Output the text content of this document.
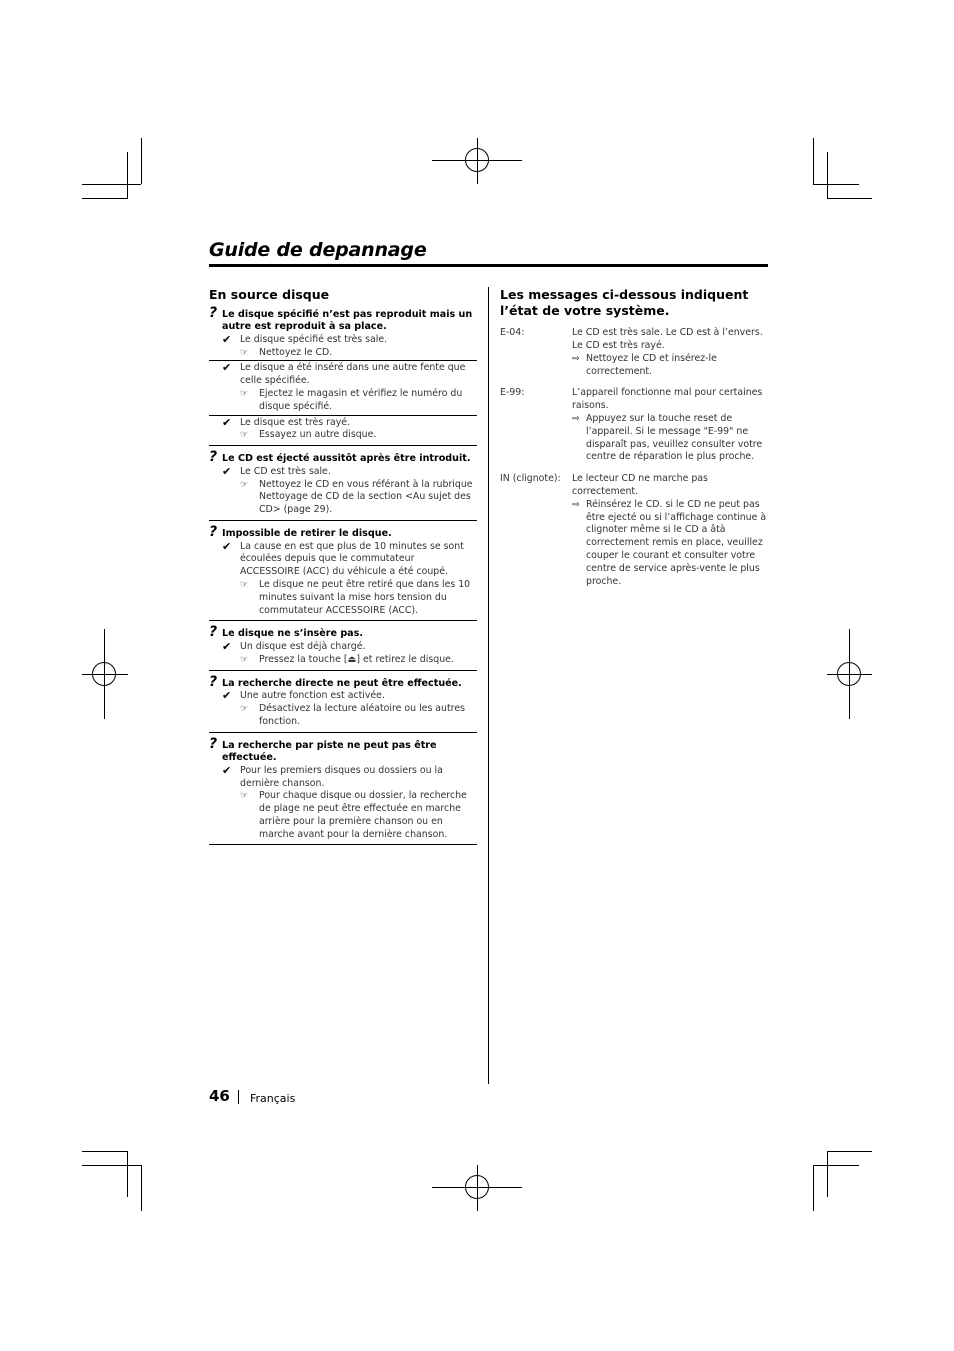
Guide de depannage
En source disque
? Le disque spécifié n’est pas reproduit mais un autre est reproduit à sa place.
✔ Le disque spécifié est très sale.
☞	Nettoyez le CD.
✔ Le disque a été inséré dans une autre fente que celle spécifiée.
☞	Ejectez le magasin et vérifiez le numéro du disque spécifié.
✔ Le disque est très rayé.
☞	Essayez un autre disque.
? Le CD est éjecté aussitôt après être introduit.
✔ Le CD est très sale.
☞	Nettoyez le CD en vous référant à la rubrique Nettoyage de CD de la section <Au sujet des CD> (page 29).
? Impossible de retirer le disque.
✔ La cause en est que plus de 10 minutes se sont écoulées depuis que le commutateur ACCESSOIRE (ACC) du véhicule a été coupé.
☞	Le disque ne peut être retiré que dans les 10 minutes suivant la mise hors tension du commutateur ACCESSOIRE (ACC).
? Le disque ne s’insère pas.
✔ Un disque est déjà chargé.
☞	Pressez la touche [⏏] et retirez le disque.
? La recherche directe ne peut être effectuée.
✔ Une autre fonction est activée.
☞	Désactivez la lecture aléatoire ou les autres fonction.
? La recherche par piste ne peut pas être effectuée.
✔ Pour les premiers disques ou dossiers ou la dernière chanson.
☞	Pour chaque disque ou dossier, la recherche de plage ne peut être effectuée en marche arrière pour la première chanson ou en marche avant pour la dernière chanson.
Les messages ci-dessous indiquent l’état de votre système.
E-04:	Le CD est très sale. Le CD est à l’envers. Le CD est très rayé.
⇨ Nettoyez le CD et insérez-le correctement.
E-99:	L’appareil fonctionne mal pour certaines raisons.
⇨ Appuyez sur la touche reset de l’appareil. Si le message "E-99" ne disparaît pas, veuillez consulter votre centre de réparation le plus proche.
IN (clignote):	Le lecteur CD ne marche pas correctement.
⇨ Réinsérez le CD. si le CD ne peut pas être ejecté ou si l’affichage continue à clignoter même si le CD a âtà correctement remis en place, veuillez couper le courant et consulter votre centre de service après-vente le plus proche.
46 Français
